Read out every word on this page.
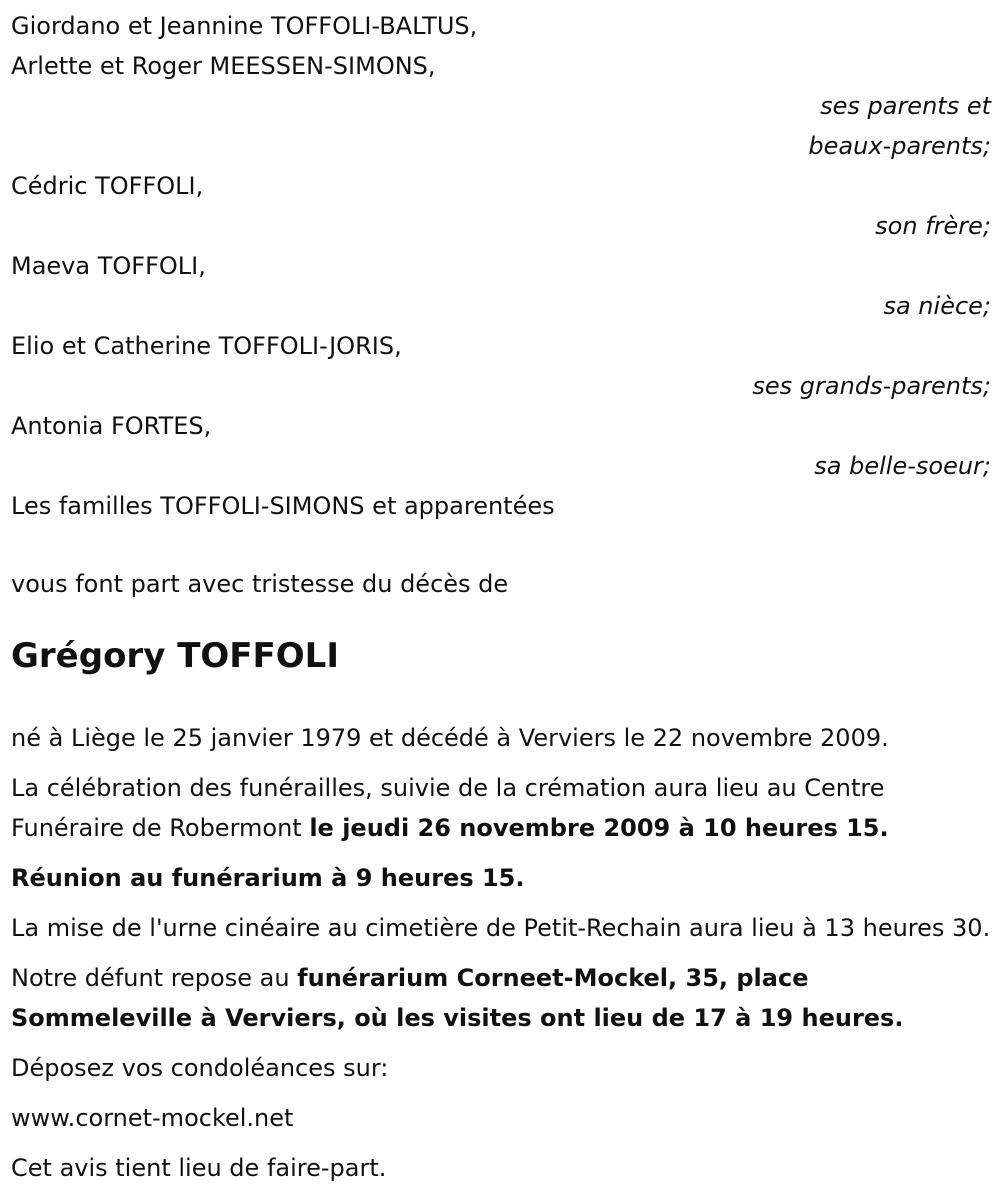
Giordano et Jeannine TOFFOLI-BALTUS,
Arlette et Roger MEESSEN-SIMONS,
ses parents et
beaux-parents;
Cédric TOFFOLI,
son frère;
Maeva TOFFOLI,
sa nièce;
Elio et Catherine TOFFOLI-JORIS,
ses grands-parents;
Antonia FORTES,
sa belle-soeur;
Les familles TOFFOLI-SIMONS et apparentées
vous font part avec tristesse du décès de
Grégory TOFFOLI
né à Liège le 25 janvier 1979 et décédé à Verviers le 22 novembre 2009.
La célébration des funérailles, suivie de la crémation aura lieu au Centre Funéraire de Robermont le jeudi 26 novembre 2009 à 10 heures 15.
Réunion au funérarium à 9 heures 15.
La mise de l'urne cinéaire au cimetière de Petit-Rechain aura lieu à 13 heures 30.
Notre défunt repose au funérarium Corneet-Mockel, 35, place Sommeleville à Verviers, où les visites ont lieu de 17 à 19 heures.
Déposez vos condoléances sur:
www.cornet-mockel.net
Cet avis tient lieu de faire-part.
